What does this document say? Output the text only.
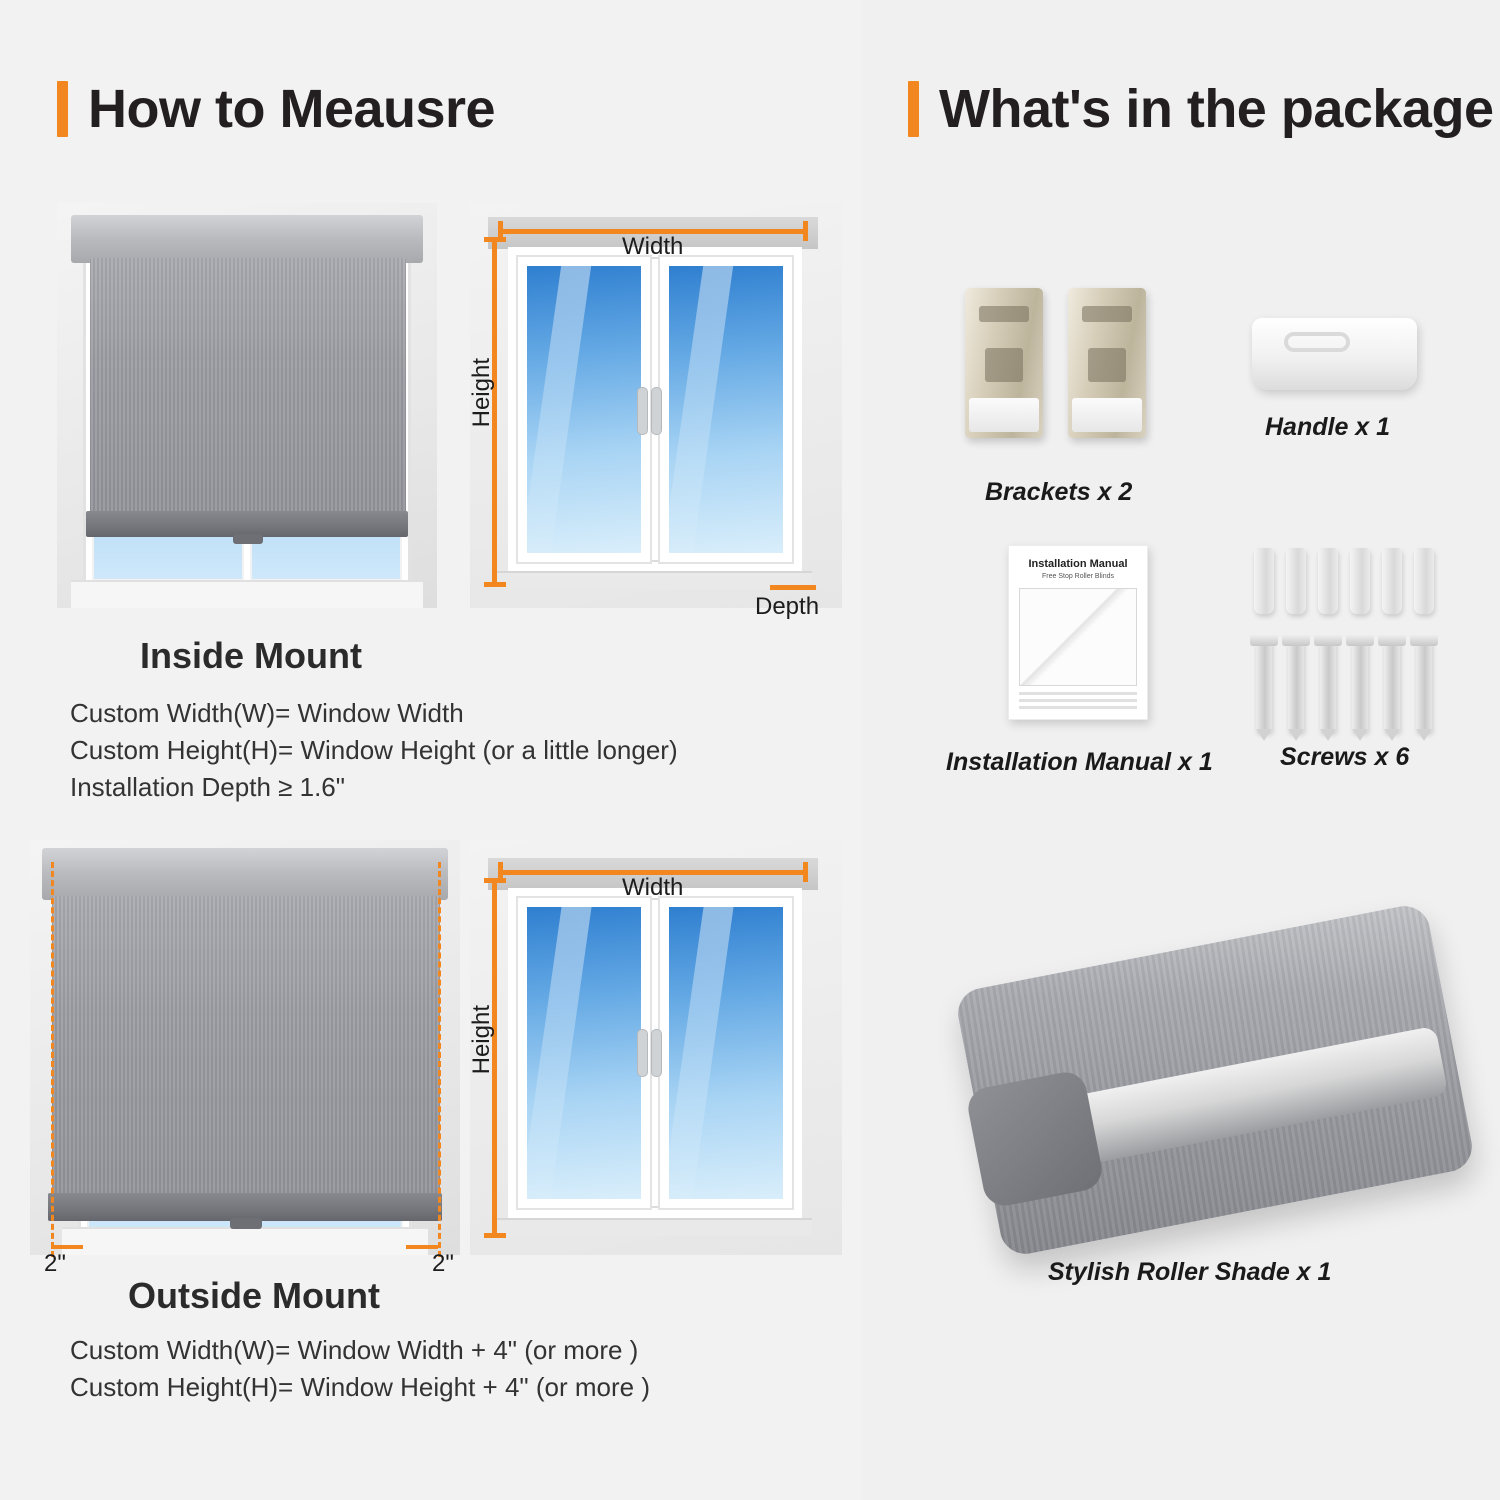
How to Meausre	What's in the package
Width
Height
Depth
Inside Mount
Custom Width(W)= Window Width
Custom Height(H)= Window Height (or a little longer)
Installation Depth ≥ 1.6"
2"	2"
Width
Height
Outside Mount
Custom Width(W)= Window Width + 4" (or more )
Custom Height(H)= Window Height + 4" (or more )
Brackets x 2
Handle x 1
Installation Manual
Free Stop Roller Blinds
Installation Manual x 1	Screws x 6
Stylish Roller Shade x 1
